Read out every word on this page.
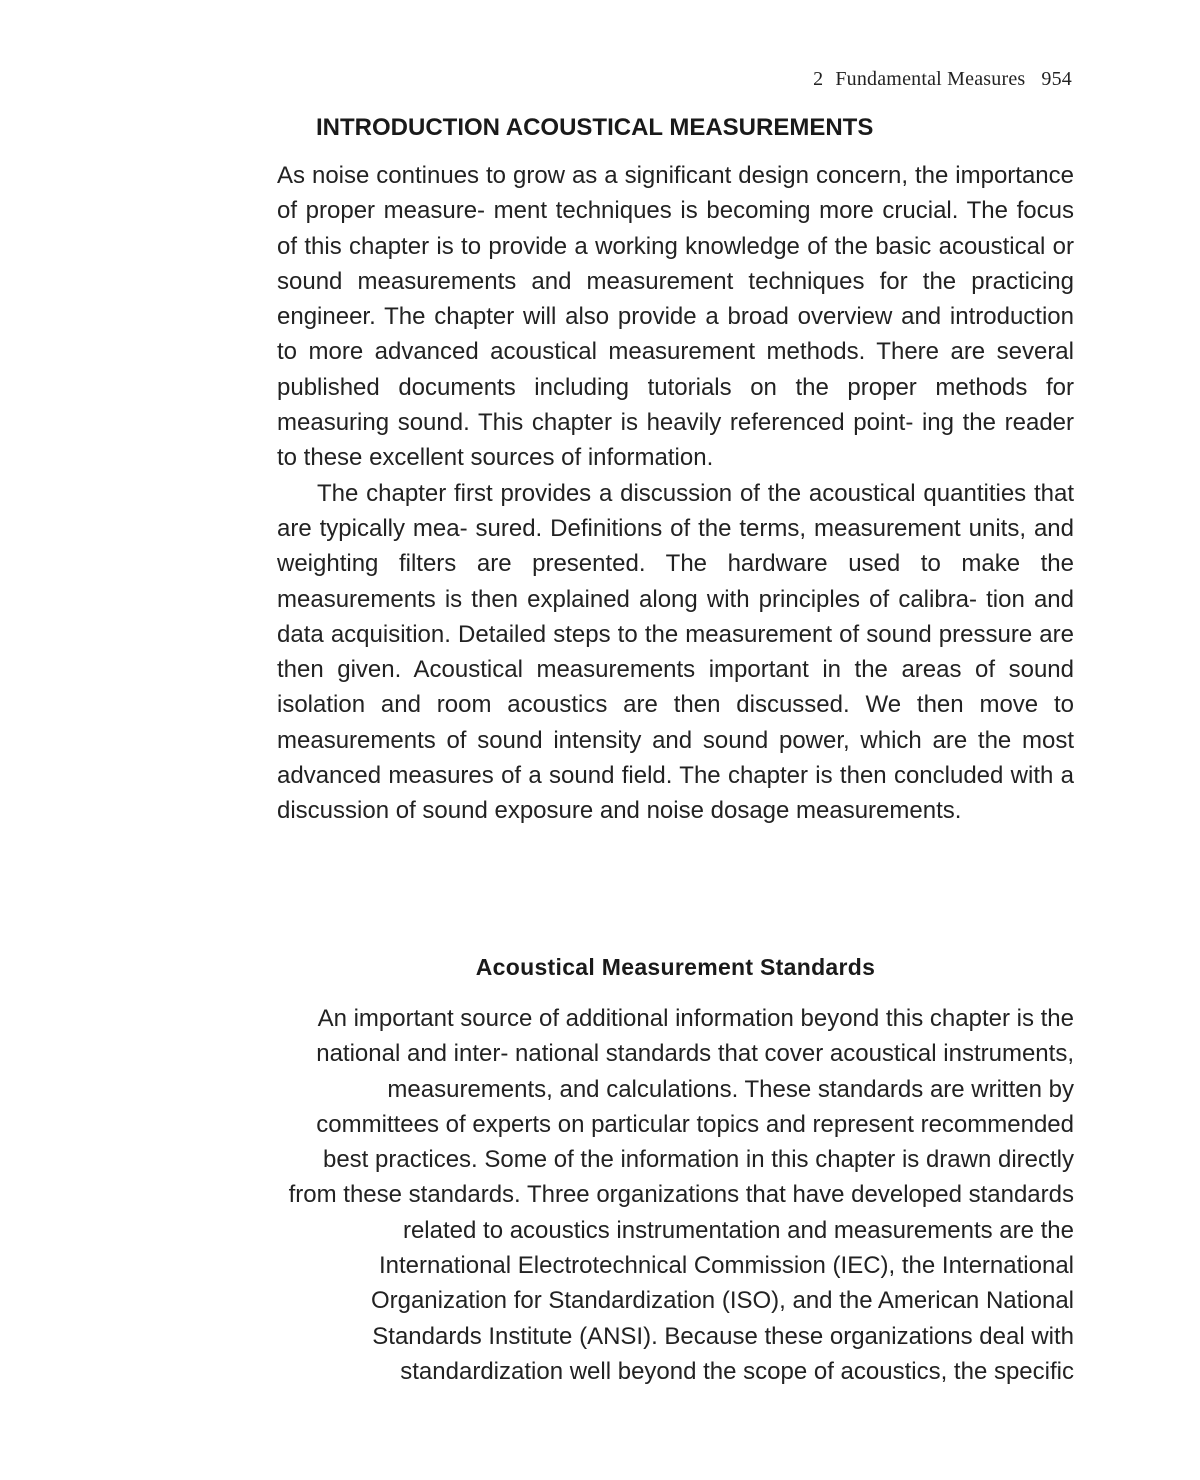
2 Fundamental Measures 954
INTRODUCTION ACOUSTICAL MEASUREMENTS

As noise continues to grow as a significant design concern, the importance of proper measure- ment techniques is becoming more crucial. The focus of this chapter is to provide a working knowledge of the basic acoustical or sound measurements and measurement techniques for the practicing engineer. The chapter will also provide a broad overview and introduction to more advanced acoustical measurement methods. There are several published documents including tutorials on the proper methods for measuring sound. This chapter is heavily referenced point- ing the reader to these excellent sources of information.

The chapter first provides a discussion of the acoustical quantities that are typically mea- sured. Definitions of the terms, measurement units, and weighting filters are presented. The hardware used to make the measurements is then explained along with principles of calibra- tion and data acquisition. Detailed steps to the measurement of sound pressure are then given. Acoustical measurements important in the areas of sound isolation and room acoustics are then discussed. We then move to measurements of sound intensity and sound power, which are the most advanced measures of a sound field. The chapter is then concluded with a discussion of sound exposure and noise dosage measurements.

Acoustical Measurement Standards

An important source of additional information beyond this chapter is the national and inter- national standards that cover acoustical instruments, measurements, and calculations. These standards are written by committees of experts on particular topics and represent recommended best practices. Some of the information in this chapter is drawn directly from these standards. Three organizations that have developed standards related to acoustics instrumentation and measurements are the International Electrotechnical Commission (IEC), the International Organization for Standardization (ISO), and the American National Standards Institute (ANSI). Because these organizations deal with standardization well beyond the scope of acoustics, the specific
